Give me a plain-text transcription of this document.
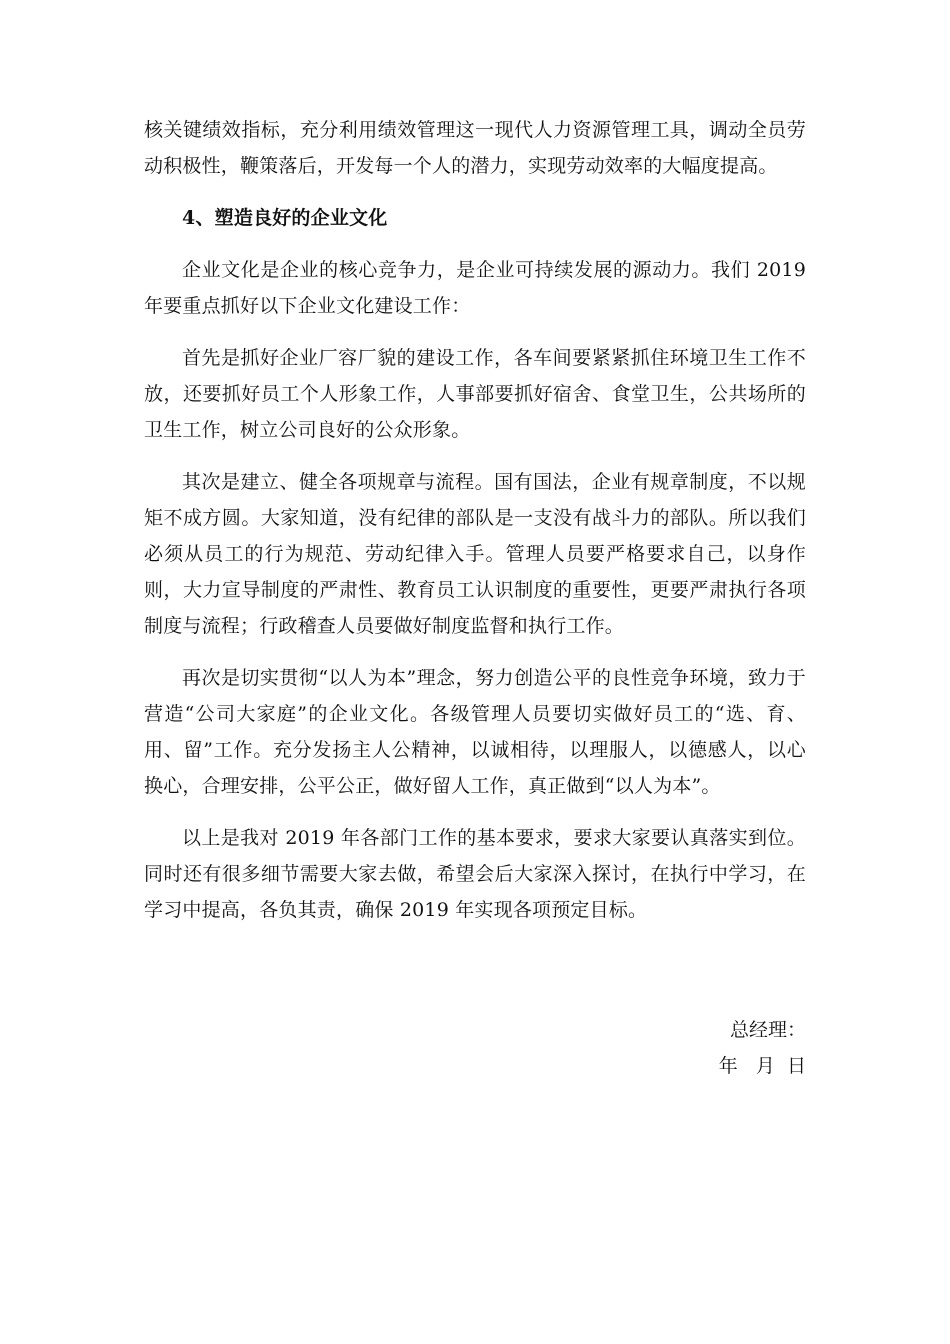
核关键绩效指标，充分利用绩效管理这一现代人力资源管理工具，调动全员劳动积极性，鞭策落后，开发每一个人的潜力，实现劳动效率的大幅度提高。

4、塑造良好的企业文化

企业文化是企业的核心竞争力，是企业可持续发展的源动力。我们 2019 年要重点抓好以下企业文化建设工作：

首先是抓好企业厂容厂貌的建设工作，各车间要紧紧抓住环境卫生工作不放，还要抓好员工个人形象工作，人事部要抓好宿舍、食堂卫生，公共场所的卫生工作，树立公司良好的公众形象。

其次是建立、健全各项规章与流程。国有国法，企业有规章制度，不以规矩不成方圆。大家知道，没有纪律的部队是一支没有战斗力的部队。所以我们必须从员工的行为规范、劳动纪律入手。管理人员要严格要求自己，以身作则，大力宣导制度的严肃性、教育员工认识制度的重要性，更要严肃执行各项制度与流程；行政稽查人员要做好制度监督和执行工作。

再次是切实贯彻“以人为本”理念，努力创造公平的良性竞争环境，致力于营造“公司大家庭”的企业文化。各级管理人员要切实做好员工的“选、育、用、留”工作。充分发扬主人公精神，以诚相待，以理服人，以德感人，以心换心，合理安排，公平公正，做好留人工作，真正做到“以人为本”。

以上是我对 2019 年各部门工作的基本要求，要求大家要认真落实到位。同时还有很多细节需要大家去做，希望会后大家深入探讨，在执行中学习，在学习中提高，各负其责，确保 2019 年实现各项预定目标。

总经理：
年   月  日
